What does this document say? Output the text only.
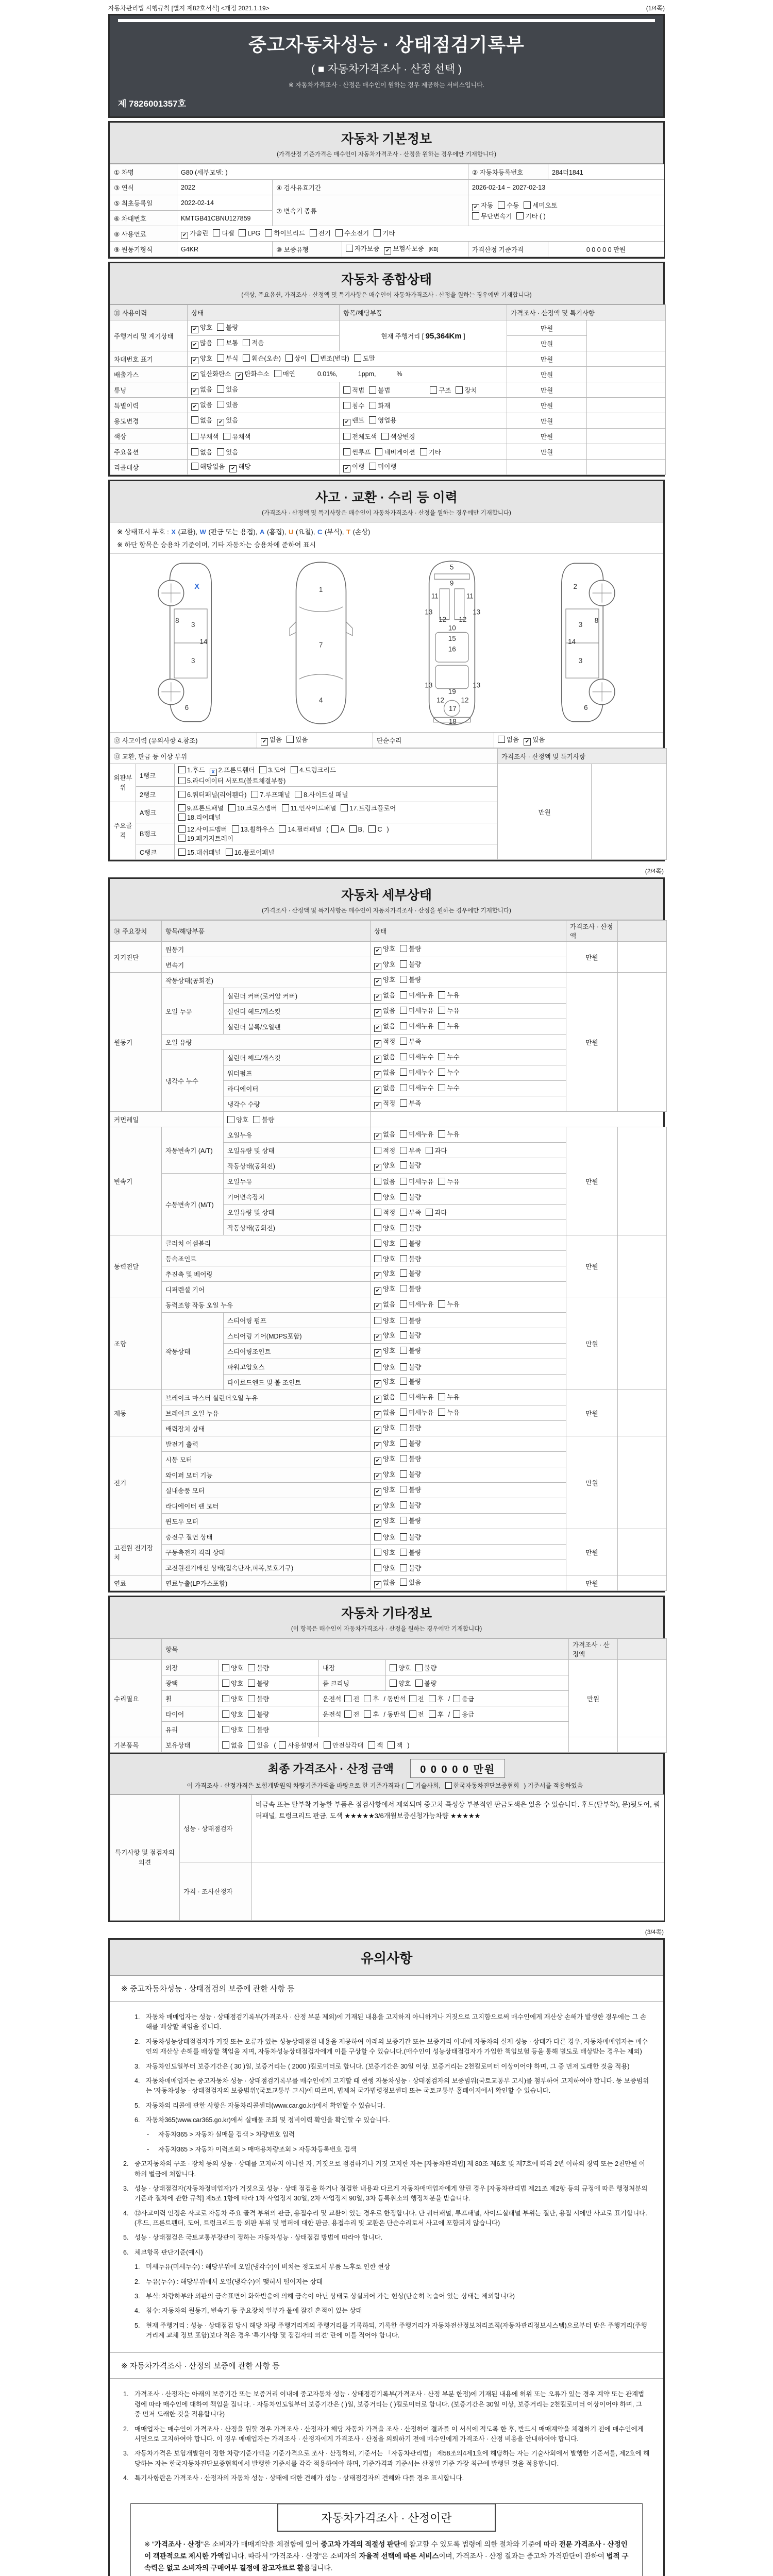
자동차관리법 시행규칙 [별지 제82호서식] <개정 2021.1.19>	(1/4쪽)
중고자동차성능 · 상태점검기록부
( ■ 자동차가격조사 · 산정 선택 )
※ 자동차가격조사 · 산정은 매수인이 원하는 경우 제공하는 서비스입니다.
제 7826001357호
자동차 기본정보
(가격산정 기준가격은 매수인이 자동차가격조사 · 산정을 원하는 경우에만 기재합니다)
① 차명	G80 (세부모델: )			② 자동차등록번호	284더1841
③ 연식	2022	④ 검사유효기간		2026-02-14 ~ 2027-02-13	
⑤ 최초등록일	2022-02-14	⑦ 변속기 종류		✔ 자동 수동 세미오토
무단변속기 기타 ( )	
⑥ 차대번호	KMTGB41CBNU127859				
⑧ 사용연료	✔ 가솔린 디젤 LPG 하이브리드 전기 수소전기 기타				
⑨ 원동기형식	G4KR	⑩ 보증유형	자가보증 ✔ 보험사보증 [KB]	가격산정 기준가격	0 0 0 0 0 만원
자동차 종합상태
(색상, 주요옵션, 가격조사 · 산정액 및 특기사항은 매수인이 자동차가격조사 · 산정을 원하는 경우에만 기재합니다)
⑪ 사용이력	상태	항목/해당부품	가격조사 · 산정액 및 특기사항	
주행거리 및 계기상태	✔ 양호 불량	현재 주행거리 [ 95,364Km ]	만원	
	✔ 많음 보통 적음		만원	
차대번호 표기	✔ 양호 부식 훼손(오손) 상이 변조(변타) 도말		만원	
배출가스	✔ 일산화탄소 ✔ 탄화수소 매연 0.01%, 1ppm, %		만원	
튜닝	✔ 없음 있음	적법 불법 구조 장치	만원	
특별이력	✔ 없음 있음	침수 화재	만원	
용도변경	없음 ✔ 있음	✔ 렌트 영업용	만원	
색상	무채색 유채색	전체도색 색상변경	만원	
주요옵션	없음 있음	썬루프 네비게이션 기타	만원	
리콜대상	해당없음 ✔ 해당	✔ 이행 미이행		
사고 · 교환 · 수리 등 이력
(가격조사 · 산정액 및 특기사항은 매수인이 자동차가격조사 · 산정을 원하는 경우에만 기재합니다)
※ 상태표시 부호 : X (교환), W (판금 또는 용접), A (흠집), U (요철), C (부식), T (손상)
※ 하단 항목은 승용차 기준이며, 기타 자동차는 승용차에 준하여 표시
X
8
3
14
3
6
1
7
4
5
9
11	11
13	13
12 12
10
15
16
13
19
13
12	12
17
18
2
8
3
14
3
6
⑫ 사고이력 (유의사항 4.참조)	✔ 없음 있음	단순수리	없음 ✔ 있음
⑬ 교환, 판금 등 이상 부위			가격조사 · 산정액 및 특기사항	
외판부위	1랭크	1.후드 x 2.프론트휀더 3.도어 4.트렁크리드
5.라디에이터 서포트(볼트체결부품)	만원	
	2랭크	6.쿼터패널(리어휀다) 7.루프패널 8.사이드실 패널		
주요골격	A랭크	9.프론트패널 10.크로스멤버 11.인사이드패널 17.트렁크플로어
18.리어패널		
	B랭크	12.사이드멤버 13.휠하우스 14.필러패널 (A B, C)
19.패키지트레이		
	C랭크	15.대쉬패널 16.플로어패널		
(2/4쪽)
자동차 세부상태
(가격조사 · 산정액 및 특기사항은 매수인이 자동차가격조사 · 산정을 원하는 경우에만 기재합니다)
⑭ 주요장치	항목/해당부품		상태	가격조사 · 산정액	
자기진단	원동기		✔ 양호 불량	만원	
	변속기		✔ 양호 불량		
원동기	작동상태(공회전)		✔ 양호 불량	만원	
	오일 누유	실린더 커버(로커암 커버)	✔ 없음 미세누유 누유		
		실린더 헤드/개스킷	✔ 없음 미세누유 누유		
		실린더 블록/오일팬	✔ 없음 미세누유 누유		
	오일 유량		✔ 적정 부족		
	냉각수 누수	실린더 헤드/개스킷	✔ 없음 미세누수 누수		
		워터펌프	✔ 없음 미세누수 누수		
		라디에이터	✔ 없음 미세누수 누수		
		냉각수 수량	✔ 적정 부족		
커먼레일		양호 불량			
변속기	자동변속기 (A/T)	오일누유	✔ 없음 미세누유 누유	만원	
		오일유량 및 상태	적정 부족 과다		
		작동상태(공회전)	✔ 양호 불량		
	수동변속기 (M/T)	오일누유	없음 미세누유 누유		
		기어변속장치	양호 불량		
		오일유량 및 상태	적정 부족 과다		
		작동상태(공회전)	양호 불량		
동력전달	클러치 어셈블리		양호 불량	만원	
	등속죠인트		양호 불량		
	추진축 및 베어링		✔ 양호 불량		
	디퍼렌셜 기어		✔ 양호 불량		
조향	동력조향 작동 오일 누유		✔ 없음 미세누유 누유	만원	
	작동상태	스티어링 펌프	양호 불량		
		스티어링 기어(MDPS포함)	✔ 양호 불량		
		스티어링조인트	✔ 양호 불량		
		파워고압호스	양호 불량		
		타이로드엔드 및 볼 조인트	✔ 양호 불량		
제동	브레이크 마스터 실린더오일 누유		✔ 없음 미세누유 누유	만원	
	브레이크 오일 누유		✔ 없음 미세누유 누유		
	배력장치 상태		✔ 양호 불량		
전기	발전기 출력		✔ 양호 불량	만원	
	시동 모터		✔ 양호 불량		
	와이퍼 모터 기능		✔ 양호 불량		
	실내송풍 모터		✔ 양호 불량		
	라디에이터 팬 모터		✔ 양호 불량		
	윈도우 모터		✔ 양호 불량		
고전원 전기장치	충전구 절연 상태		양호 불량	만원	
	구동축전지 격리 상태		양호 불량		
	고전원전기배선 상태(접속단자,피복,보호기구)		양호 불량		
연료	연료누출(LP가스포함)		✔ 없음 있음	만원	
자동차 기타정보
(이 항목은 매수인이 자동차가격조사 · 산정을 원하는 경우에만 기재합니다)
	항목				가격조사 · 산정액	
수리필요	외장	양호 불량	내장	양호 불량	만원	
	광택	양호 불량	룸 크리닝	양호 불량		
	휠	양호 불량	운전석 전 후 / 동반석 전 후 /응급			
	타이어	양호 불량	운전석 전 후 / 동반석 전 후 /응급			
	유리	양호 불량				
기본품목	보유상태	없음 있음 (사용설명서 안전삼각대 잭 잭)				
최종 가격조사 · 산정 금액	0 0 0 0 0 만원
이 가격조사 · 산정가격은 보험개발원의 차량기준가액을 바탕으로 한 기준가격과 (기술사회, 한국자동차진단보증협회) 기준서를 적용하였음
특기사항 및 점검자의 의견	성능 · 상태점검자	비금속 또는 탈부착 가능한 부품은 점검사항에서 제외되며 중고차 특성상 부분적인 판금도색은 있을 수 있습니다. 후드(탈부착), 문)뒷도어, 쿼터패널, 트렁크리드 판금, 도색 ★★★★★3/6개월보증신청가능차량 ★★★★★
	가격 · 조사산정자	
(3/4쪽)
유의사항
※ 중고자동차성능 · 상태점검의 보증에 관한 사항 등
1. 자동차 매매업자는 성능 · 상태점검기록부(가격조사 · 산정 부분 제외)에 기재된 내용을 고지하지 아니하거나 거짓으로 고지함으로써 매수인에게 재산상 손해가 발생한 경우에는 그 손해를 배상할 책임을 집니다.
2. 자동차성능상태점검자가 거짓 또는 오류가 있는 성능상태점검 내용을 제공하여 아래의 보증기간 또는 보증거리 이내에 자동차의 실제 성능 · 상태가 다른 경우, 자동차매매업자는 매수인의 재산상 손해를 배상할 책임을 지며, 자동차성능상태점검자에게 이를 구상할 수 있습니다.(매수인이 성능상태점검자가 가입한 책임보험 등을 통해 별도로 배상받는 경우는 제외)
3. 자동차인도일부터 보증기간은 ( 30 )일, 보증거리는 ( 2000 )킬로미터로 합니다. (보증기간은 30일 이상, 보증거리는 2천킬로미터 이상이어야 하며, 그 중 먼저 도래한 것을 적용)
4. 자동차매매업자는 중고자동차 성능 · 상태점검기록부를 매수인에게 고지할 때 현행 자동차성능 · 상태점검자의 보증범위(국토교통부 고시)를 첨부하여 고지하여야 합니다. 동 보증범위는 '자동차성능 · 상태점검자의 보증범위'(국토교통부 고시)에 따르며, 법제처 국가법령정보센터 또는 국토교통부 홈페이지에서 확인할 수 있습니다.
5. 자동차의 리콜에 관한 사항은 자동차리콜센터(www.car.go.kr)에서 확인할 수 있습니다.
6. 자동차365(www.car365.go.kr)에서 실매물 조회 및 정비이력 확인을 확인할 수 있습니다.
-	자동차365 > 자동차 실매물 검색 > 차량번호 입력
-	자동차365 > 자동차 이력조회 > 매매용차량조회 > 자동차등록번호 검색
2. 중고자동차의 구조 · 장치 등의 성능 · 상태를 고지하지 아니한 자, 거짓으로 점검하거나 거짓 고지한 자는 [자동차관리법] 제 80조 제6호 및 제7호에 따라 2년 이하의 징역 또는 2천만원 이하의 벌금에 처합니다.
3. 성능 · 상태점검자(자동차정비업자)가 거짓으로 성능 · 상태 점검을 하거나 점검한 내용과 다르게 자동차매매업자에게 알린 경우 [자동차관리법 제21조 제2항 등의 규정에 따른 행정처분의 기준과 절차에 관한 규칙] 제5조 1항에 따라 1차 사업정지 30일, 2차 사업정지 90일, 3차 등록취소의 행정처분을 받습니다.
4. ⑫사고이력 인정은 사고로 자동차 주요 골격 부위의 판금, 용접수리 및 교환이 있는 경우로 한정합니다. 단 쿼터패널, 루프패널, 사이드실패널 부위는 절단, 용접 시에만 사고로 표기합니다. (후드, 프론트펜더, 도어, 트렁크리드 등 외판 부위 및 범퍼에 대한 판금, 용접수리 및 교환은 단순수리로서 사고에 포함되지 않습니다)
5. 성능 · 상태점검은 국토교통부장관이 정하는 자동차성능 · 상태점검 방법에 따라야 합니다.
6. 체크항목 판단기준(예시)
1. 미세누유(미세누수) : 해당부위에 오일(냉각수)이 비치는 정도로서 부품 노후로 인한 현상
2. 누유(누수) : 해당부위에서 오일(냉각수)이 맺혀서 떨어지는 상태
3. 부식: 차량하부와 외판의 금속표면이 화학반응에 의해 금속이 아닌 상태로 상실되어 가는 현상(단순히 녹슬어 있는 상태는 제외합니다)
4. 침수: 자동차의 원동기, 변속기 등 주요장치 일부가 물에 잠긴 흔적이 있는 상태
5. 현재 주행거리 : 성능 · 상태점검 당시 해당 차량 주행거리계의 주행거리를 기록하되, 기록한 주행거리가 자동차전산정보처리조직(자동차관리정보시스템)으로부터 받은 주행거리(주행거리계 교체 정보 포함)보다 적은 경우 '특기사항 및 점검자의 의견' 란에 이를 적어야 합니다.
※ 자동차가격조사 · 산정의 보증에 관한 사항 등
1. 가격조사 · 산정자는 아래의 보증기간 또는 보증거리 이내에 중고자동차 성능 · 상태점검기록부(가격조사 · 산정 부분 한정)에 기재된 내용에 허위 또는 오류가 있는 경우 계약 또는 관계법령에 따라 매수인에 대하여 책임을 집니다. · 자동차인도일부터 보증기간은 ( )일, 보증거리는 ( )킬로미터로 합니다. (보증기간은 30일 이상, 보증거리는 2천킬로미터 이상이어야 하며, 그 중 먼저 도래한 것을 적용합니다)
2. 매매업자는 매수인이 가격조사 · 산정을 원할 경우 가격조사 · 산정자가 해당 자동차 가격을 조사 · 산정하여 결과를 이 서식에 적도록 한 후, 반드시 매매계약을 체결하기 전에 매수인에게 서면으로 고지하여야 합니다. 이 경우 매매업자는 가격조사 · 산정자에게 가격조사 · 산정을 의뢰하기 전에 매수인에게 가격조사 · 산정 비용을 안내하여야 합니다.
3. 자동차가격은 보험개발원이 정한 차량기준가액을 기준가격으로 조사 · 산정하되, 기준서는 「자동차관리법」 제58조의4제1호에 해당하는 자는 기술사회에서 발행한 기준서를, 제2호에 해당하는 자는 한국자동차진단보증협회에서 발행한 기준서를 각각 적용하여야 하며, 기준가격과 기준서는 산정일 기준 가장 최근에 발행된 것을 적용합니다.
4. 특기사항란은 가격조사 · 산정자의 자동차 성능 · 상태에 대한 견해가 성능 · 상태점검자의 견해와 다를 경우 표시합니다.
자동차가격조사 · 산정이란
※ "가격조사 · 산정"은 소비자가 매매계약을 체결함에 있어 중고차 가격의 적절성 판단에 참고할 수 있도록 법령에 의한 절차와 기준에 따라 전문 가격조사 · 산정인이 객관적으로 제시한 가액입니다. 따라서 "가격조사 · 산정"은 소비자의 자율적 선택에 따른 서비스이며, 가격조사 · 산정 결과는 중고차 가격판단에 관하여 법적 구속력은 없고 소비자의 구매여부 결정에 참고자료로 활용됩니다.
